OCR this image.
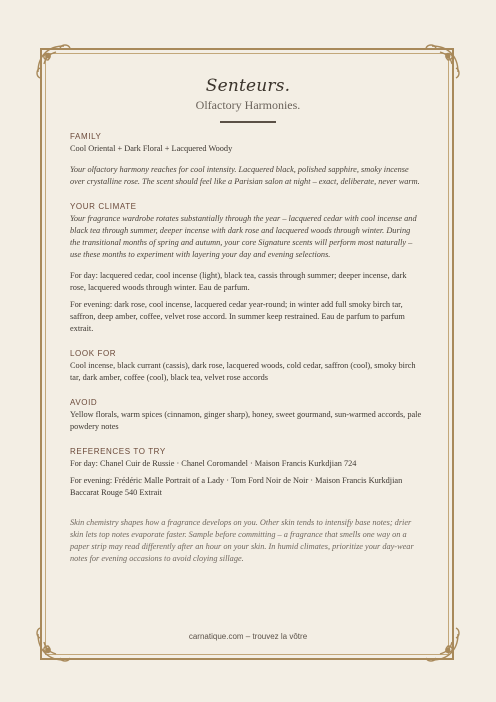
Senteurs.
Olfactory Harmonies.
FAMILY
Cool Oriental + Dark Floral + Lacquered Woody
Your olfactory harmony reaches for cool intensity. Lacquered black, polished sapphire, smoky incense over crystalline rose. The scent should feel like a Parisian salon at night – exact, deliberate, never warm.
YOUR CLIMATE
Your fragrance wardrobe rotates substantially through the year – lacquered cedar with cool incense and black tea through summer, deeper incense with dark rose and lacquered woods through winter. During the transitional months of spring and autumn, your core Signature scents will perform most naturally – use these months to experiment with layering your day and evening selections.
For day: lacquered cedar, cool incense (light), black tea, cassis through summer; deeper incense, dark rose, lacquered woods through winter. Eau de parfum.
For evening: dark rose, cool incense, lacquered cedar year-round; in winter add full smoky birch tar, saffron, deep amber, coffee, velvet rose accord. In summer keep restrained. Eau de parfum to parfum extrait.
LOOK FOR
Cool incense, black currant (cassis), dark rose, lacquered woods, cold cedar, saffron (cool), smoky birch tar, dark amber, coffee (cool), black tea, velvet rose accords
AVOID
Yellow florals, warm spices (cinnamon, ginger sharp), honey, sweet gourmand, sun-warmed accords, pale powdery notes
REFERENCES TO TRY
For day: Chanel Cuir de Russie · Chanel Coromandel · Maison Francis Kurkdjian 724
For evening: Frédéric Malle Portrait of a Lady · Tom Ford Noir de Noir · Maison Francis Kurkdjian Baccarat Rouge 540 Extrait
Skin chemistry shapes how a fragrance develops on you. Other skin tends to intensify base notes; drier skin lets top notes evaporate faster. Sample before committing – a fragrance that smells one way on a paper strip may read differently after an hour on your skin. In humid climates, prioritize your day-wear notes for evening occasions to avoid cloying sillage.
carnatique.com – trouvez la vôtre
